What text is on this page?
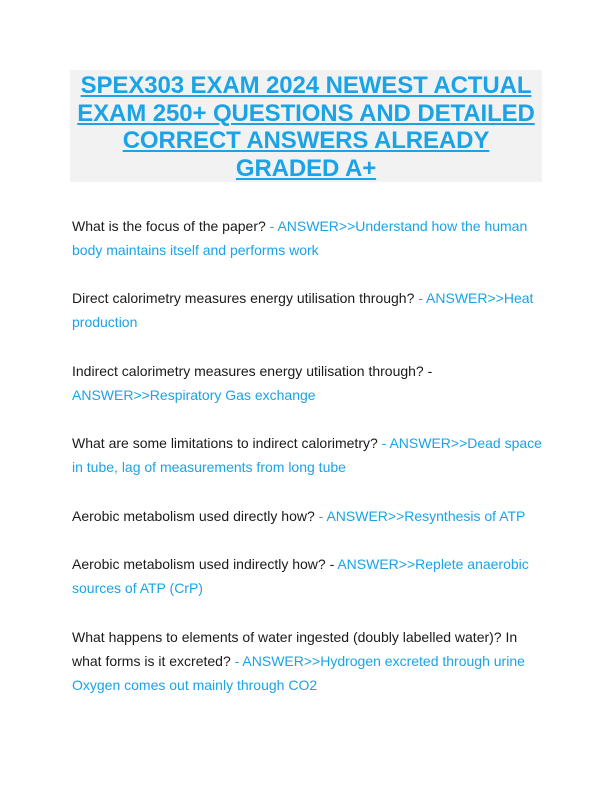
SPEX303 EXAM 2024 NEWEST ACTUAL
EXAM 250+ QUESTIONS AND DETAILED
CORRECT ANSWERS ALREADY
GRADED A+

What is the focus of the paper? - ANSWER>>Understand how the human body maintains itself and performs work

Direct calorimetry measures energy utilisation through? - ANSWER>>Heat production

Indirect calorimetry measures energy utilisation through? - ANSWER>>Respiratory Gas exchange

What are some limitations to indirect calorimetry? - ANSWER>>Dead space in tube, lag of measurements from long tube

Aerobic metabolism used directly how? - ANSWER>>Resynthesis of ATP

Aerobic metabolism used indirectly how? - ANSWER>>Replete anaerobic sources of ATP (CrP)

What happens to elements of water ingested (doubly labelled water)? In what forms is it excreted? - ANSWER>>Hydrogen excreted through urine
Oxygen comes out mainly through CO2
